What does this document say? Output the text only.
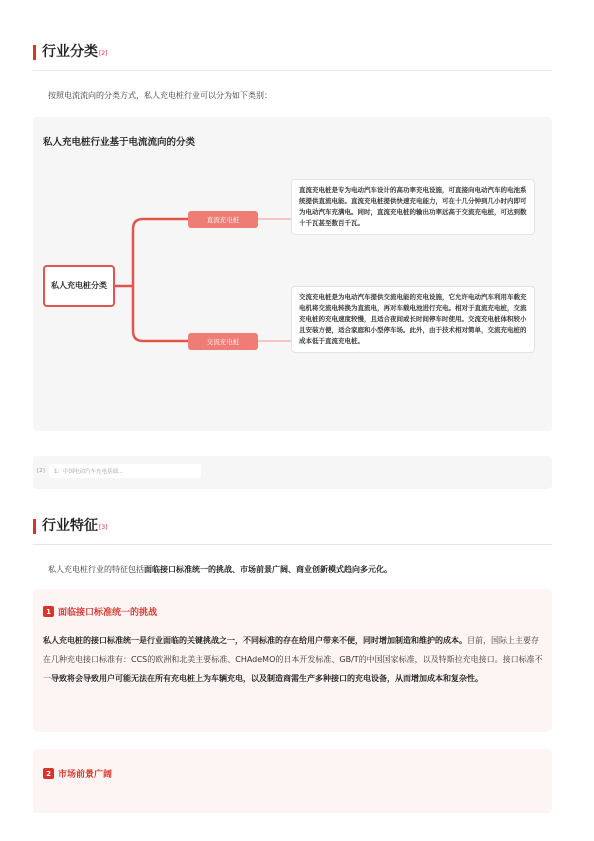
行业分类[2]
按照电流流向的分类方式，私人充电桩行业可以分为如下类别：
私人充电桩行业基于电流流向的分类
私人充电桩分类
直流充电桩
交流充电桩
直流充电桩是专为电动汽车设计的高功率充电设施，可直接向电动汽车的电池系统提供直流电能。直流充电桩提供快速充电能力，可在十几分钟到几小时内即可为电动汽车充满电。同时，直流充电桩的输出功率远高于交流充电桩，可达到数十千瓦甚至数百千瓦。
交流充电桩是为电动汽车提供交流电能的充电设施，它允许电动汽车利用车载充电机将交流电转换为直流电，再对车载电池进行充电。相对于直流充电桩，交流充电桩的充电速度较慢，且适合夜间或长时间停车时使用。交流充电桩体积较小且安装方便，适合家庭和小型停车场。此外，由于技术相对简单，交流充电桩的成本低于直流充电桩。
[2]	1：中国电动汽车充电基础...
行业特征[3]
私人充电桩行业的特征包括面临接口标准统一的挑战、市场前景广阔、商业创新模式趋向多元化。
1 面临接口标准统一的挑战
私人充电桩的接口标准统一是行业面临的关键挑战之一，不同标准的存在给用户带来不便，同时增加制造和维护的成本。目前，国际上主要存在几种充电接口标准有：CCS的欧洲和北美主要标准、CHAdeMO的日本开发标准、GB/T的中国国家标准，以及特斯拉充电接口。接口标准不一导致将会导致用户可能无法在所有充电桩上为车辆充电，以及制造商需生产多种接口的充电设备，从而增加成本和复杂性。
2 市场前景广阔
